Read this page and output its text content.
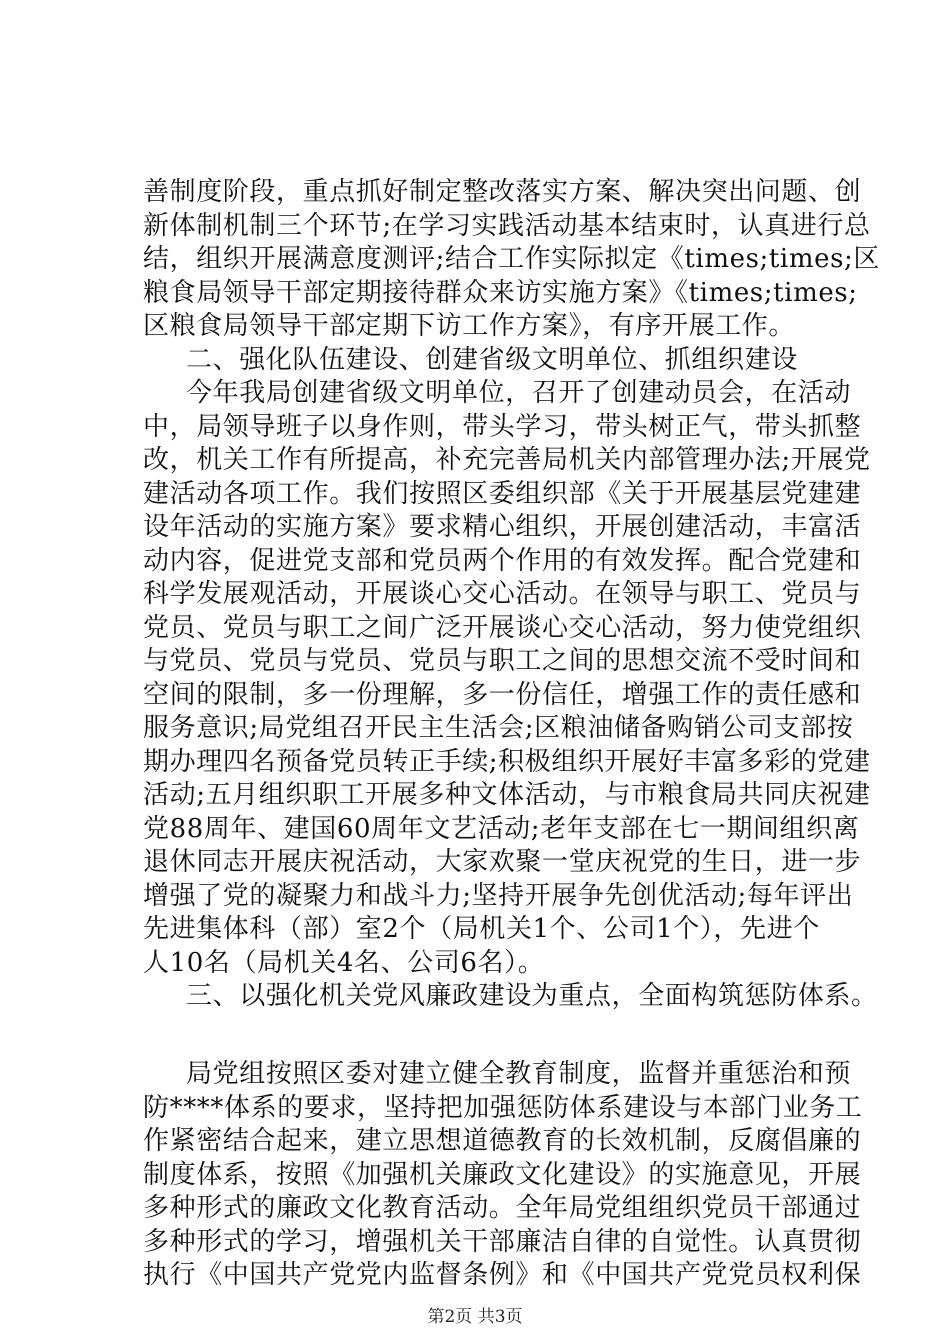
善制度阶段，重点抓好制定整改落实方案、解决突出问题、创
新体制机制三个环节;在学习实践活动基本结束时，认真进行总
结，组织开展满意度测评;结合工作实际拟定《times;times;区
粮食局领导干部定期接待群众来访实施方案》《times;times;
区粮食局领导干部定期下访工作方案》，有序开展工作。
二、强化队伍建设、创建省级文明单位、抓组织建设
今年我局创建省级文明单位，召开了创建动员会，在活动
中，局领导班子以身作则，带头学习，带头树正气，带头抓整
改，机关工作有所提高，补充完善局机关内部管理办法;开展党
建活动各项工作。我们按照区委组织部《关于开展基层党建建
设年活动的实施方案》要求精心组织，开展创建活动，丰富活
动内容，促进党支部和党员两个作用的有效发挥。配合党建和
科学发展观活动，开展谈心交心活动。在领导与职工、党员与
党员、党员与职工之间广泛开展谈心交心活动，努力使党组织
与党员、党员与党员、党员与职工之间的思想交流不受时间和
空间的限制，多一份理解，多一份信任，增强工作的责任感和
服务意识;局党组召开民主生活会;区粮油储备购销公司支部按
期办理四名预备党员转正手续;积极组织开展好丰富多彩的党建
活动;五月组织职工开展多种文体活动，与市粮食局共同庆祝建
党88周年、建国60周年文艺活动;老年支部在七一期间组织离
退休同志开展庆祝活动，大家欢聚一堂庆祝党的生日，进一步
增强了党的凝聚力和战斗力;坚持开展争先创优活动;每年评出
先进集体科（部）室2个（局机关1个、公司1个），先进个
人10名（局机关4名、公司6名）。
三、以强化机关党风廉政建设为重点，全面构筑惩防体系。
局党组按照区委对建立健全教育制度，监督并重惩治和预
防****体系的要求，坚持把加强惩防体系建设与本部门业务工
作紧密结合起来，建立思想道德教育的长效机制，反腐倡廉的
制度体系，按照《加强机关廉政文化建设》的实施意见，开展
多种形式的廉政文化教育活动。全年局党组组织党员干部通过
多种形式的学习，增强机关干部廉洁自律的自觉性。认真贯彻
执行《中国共产党党内监督条例》和《中国共产党党员权利保
第2页 共3页
